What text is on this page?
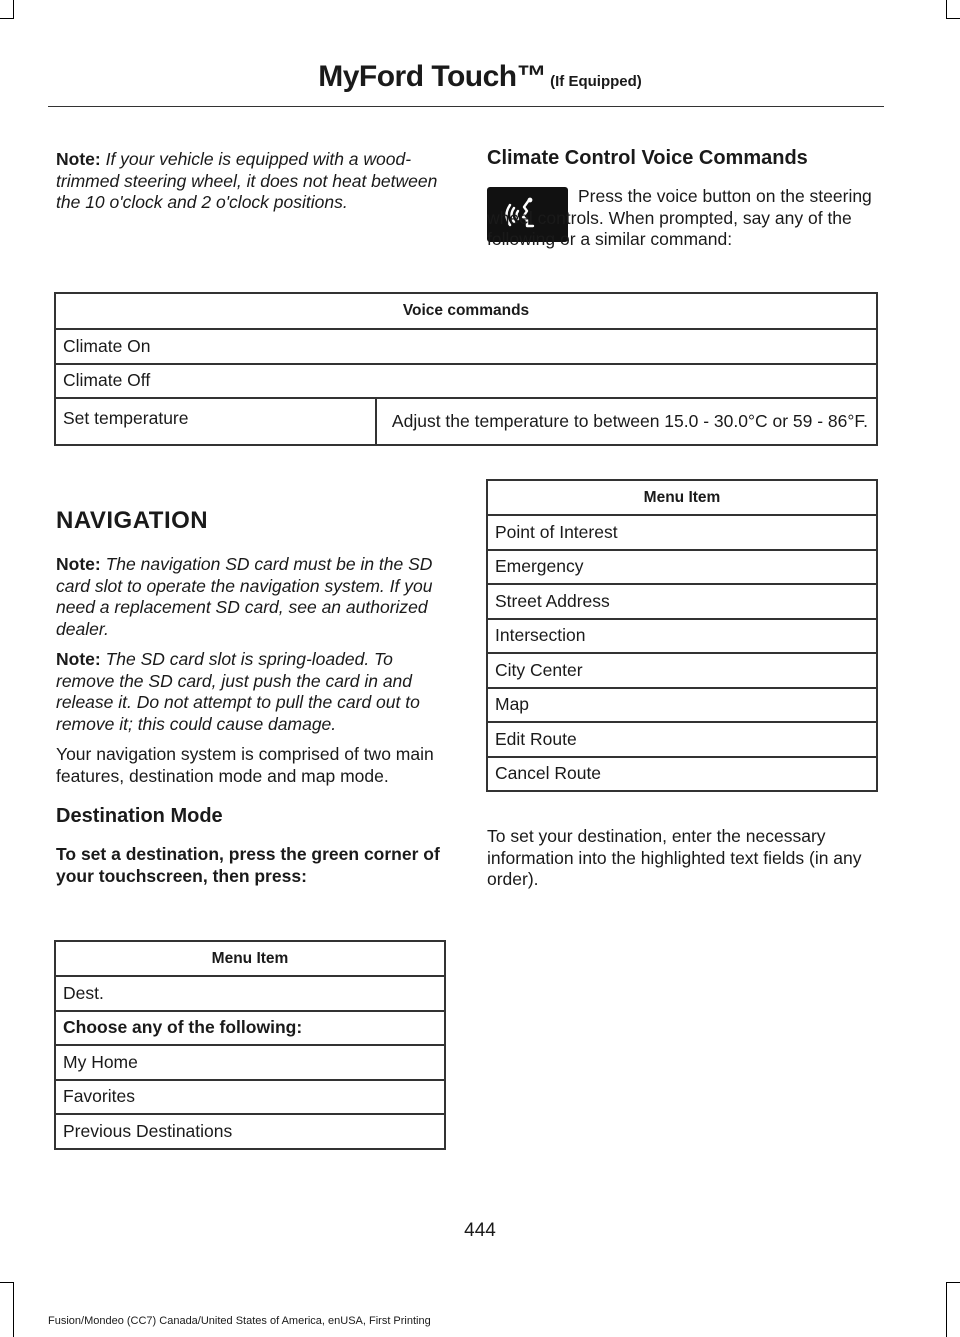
MyFord Touch™ (If Equipped)

Note: If your vehicle is equipped with a wood-trimmed steering wheel, it does not heat between the 10 o'clock and 2 o'clock positions.

Climate Control Voice Commands

Press the voice button on the steering wheel controls. When prompted, say any of the following or a similar command:

Voice commands
Climate On
Climate Off
Set temperature	Adjust the temperature to between 15.0 - 30.0°C or 59 - 86°F.
NAVIGATION

Note: The navigation SD card must be in the SD card slot to operate the navigation system. If you need a replacement SD card, see an authorized dealer.

Note: The SD card slot is spring-loaded. To remove the SD card, just push the card in and release it. Do not attempt to pull the card out to remove it; this could cause damage.

Your navigation system is comprised of two main features, destination mode and map mode.

Destination Mode
To set a destination, press the green corner of your touchscreen, then press:
Menu Item
Dest.
Choose any of the following:
My Home
Favorites
Previous Destinations
Menu Item
Point of Interest
Emergency
Street Address
Intersection
City Center
Map
Edit Route
Cancel Route

To set your destination, enter the necessary information into the highlighted text fields (in any order).

444
Fusion/Mondeo (CC7) Canada/United States of America, enUSA, First Printing
